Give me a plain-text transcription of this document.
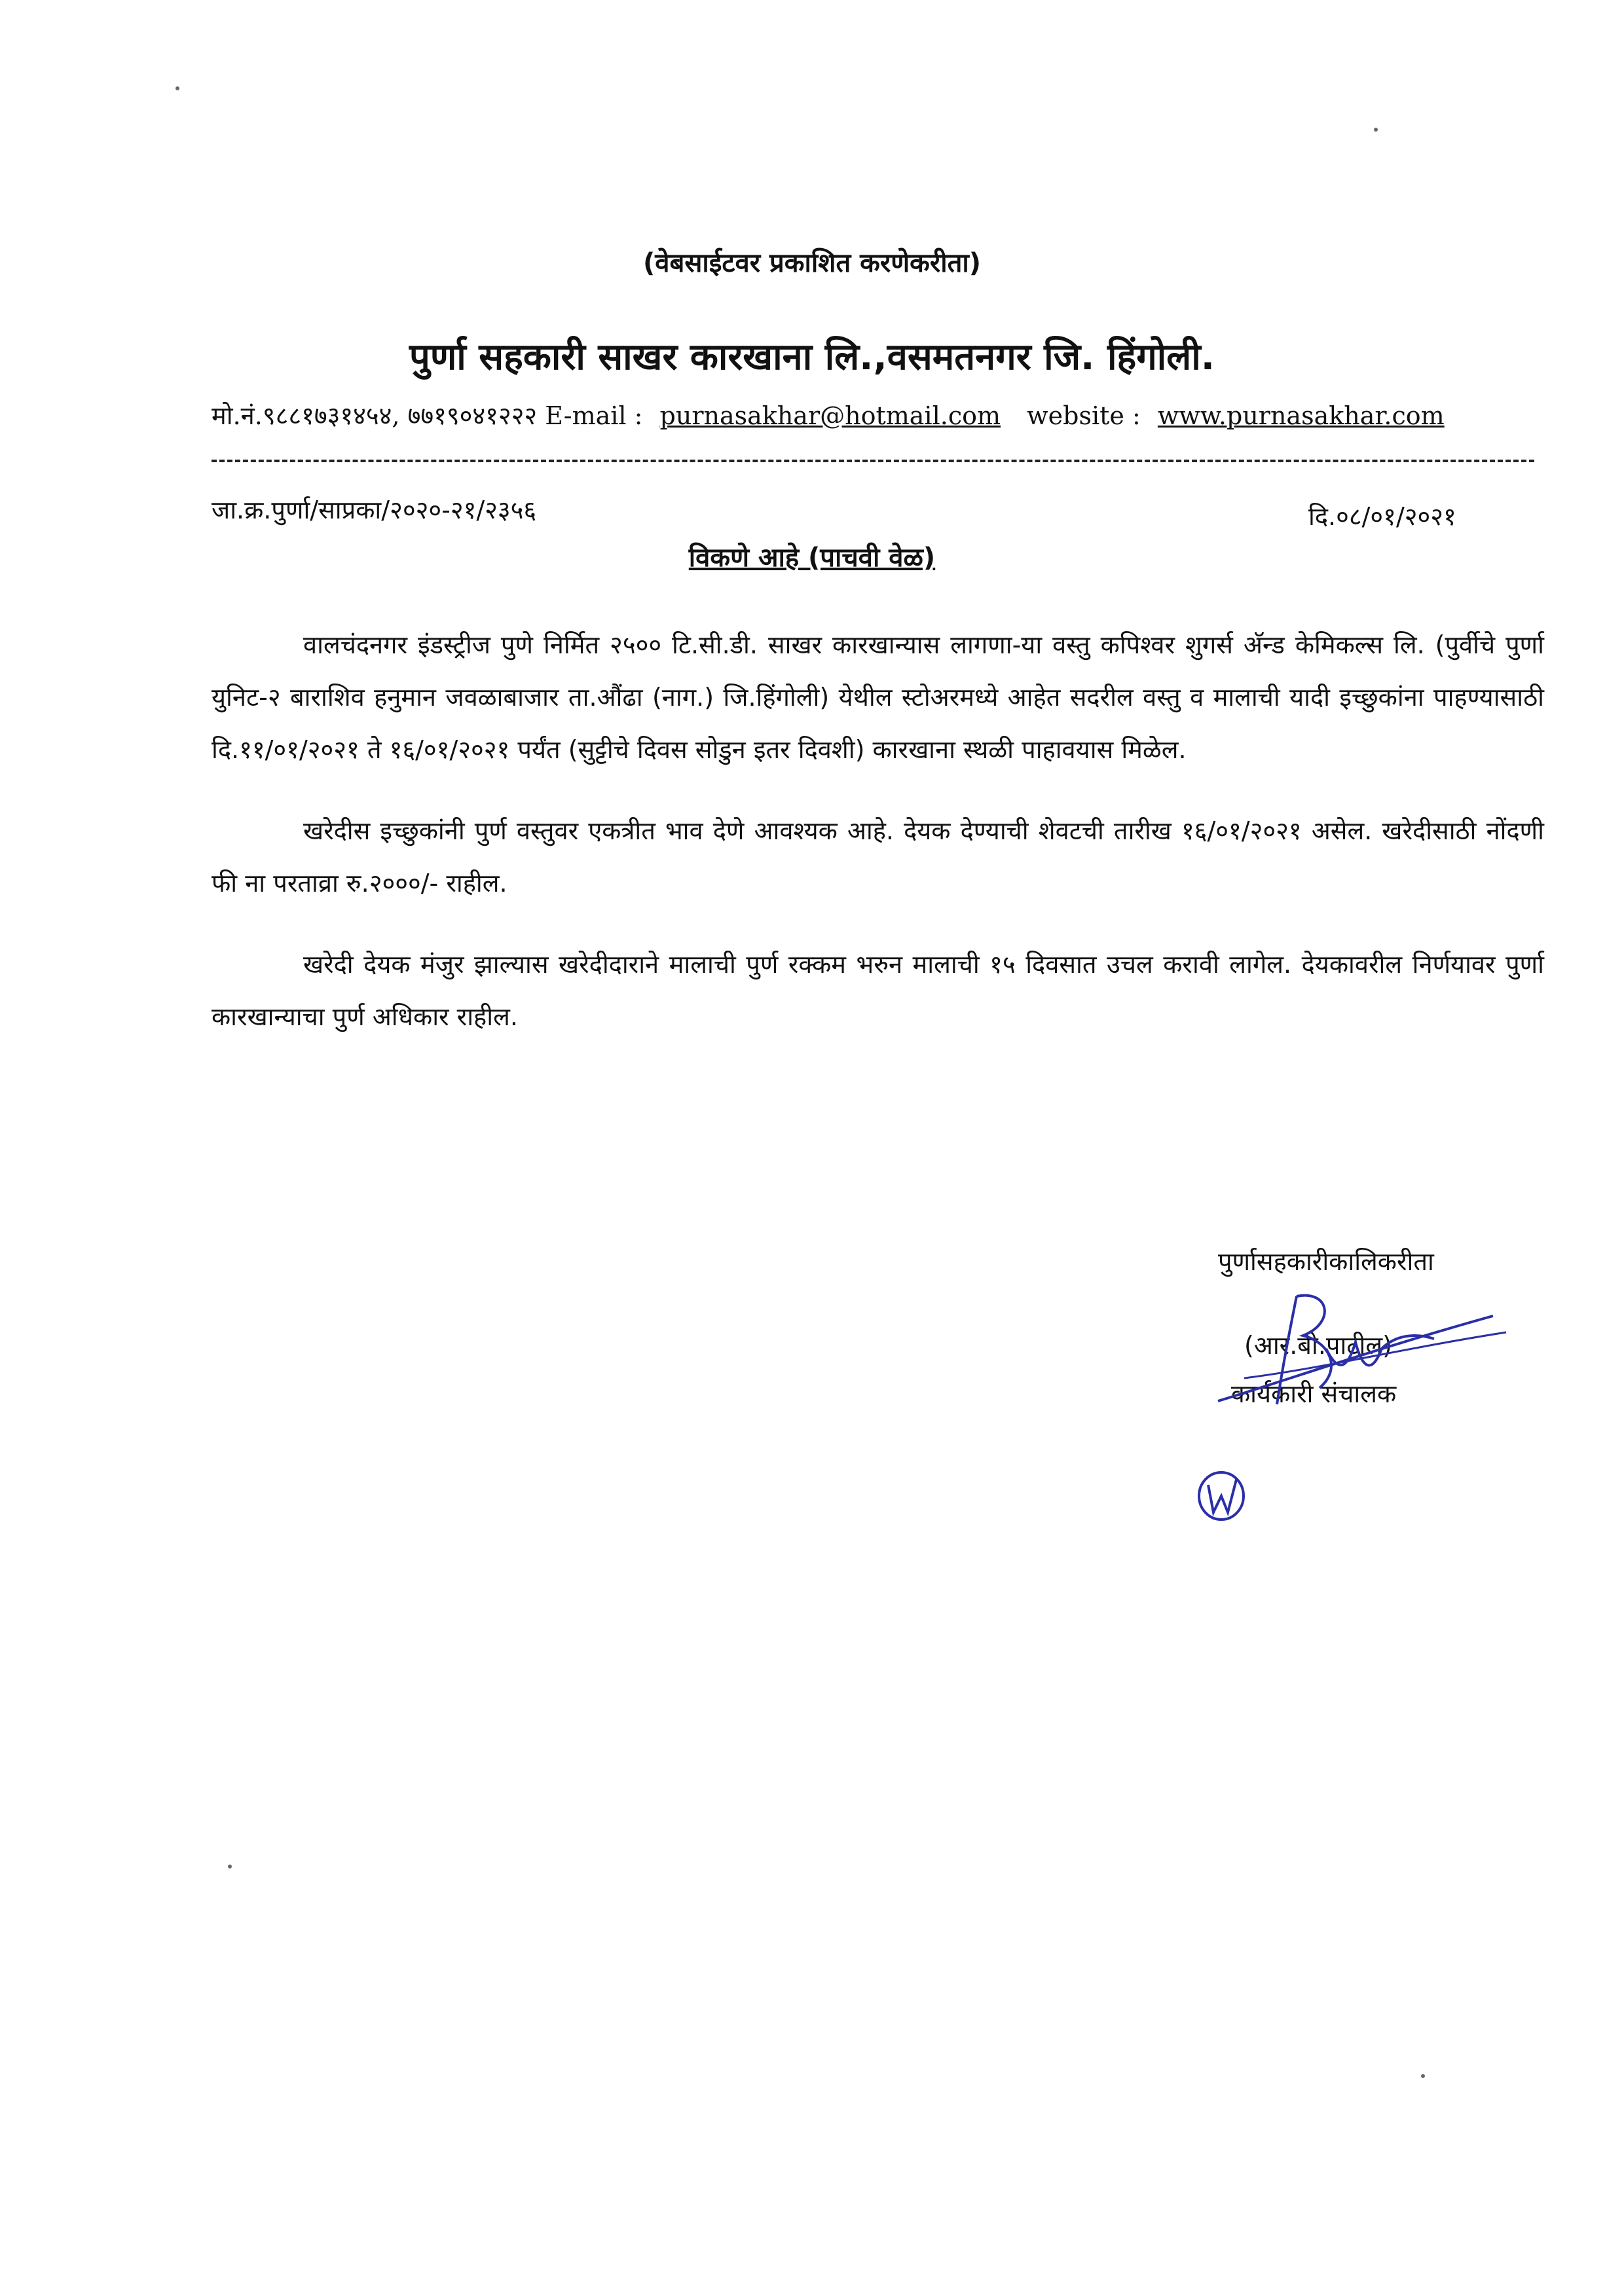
(वेबसाईटवर प्रकाशित करणेकरीता)
पुर्णा सहकारी साखर कारखाना लि.,वसमतनगर जि. हिंगोली.
मो.नं.९८८१७३१४५४, ७७१९०४१२२२ E-mail : purnasakhar@hotmail.com website : www.purnasakhar.com
जा.क्र.पुर्णा/साप्रका/२०२०-२१/२३५६	दि.०८/०१/२०२१
विकणे आहे (पाचवी वेळ)

वालचंदनगर इंडस्ट्रीज पुणे निर्मित २५०० टि.सी.डी. साखर कारखान्यास लागणा-या वस्तु कपिश्वर शुगर्स अ‍ॅन्ड केमिकल्स लि. (पुर्वीचे पुर्णा युनिट-२ बाराशिव हनुमान जवळाबाजार ता.औंढा (नाग.) जि.हिंगोली) येथील स्टोअरमध्ये आहेत सदरील वस्तु व मालाची यादी इच्छुकांना पाहण्यासाठी दि.११/०१/२०२१ ते १६/०१/२०२१ पर्यंत (सुट्टीचे दिवस सोडुन इतर दिवशी) कारखाना स्थळी पाहावयास मिळेल.

खरेदीस इच्छुकांनी पुर्ण वस्तुवर एकत्रीत भाव देणे आवश्यक आहे. देयक देण्याची शेवटची तारीख १६/०१/२०२१ असेल. खरेदीसाठी नोंदणी फी ना परताव्रा रु.२०००/- राहील.

खरेदी देयक मंजुर झाल्यास खरेदीदाराने मालाची पुर्ण रक्कम भरुन मालाची १५ दिवसात उचल करावी लागेल. देयकावरील निर्णयावर पुर्णा कारखान्याचा पुर्ण अधिकार राहील.

पुर्णासहकारीकालिकरीता
(आर.बी.पाटील)
कार्यकारी संचालक
